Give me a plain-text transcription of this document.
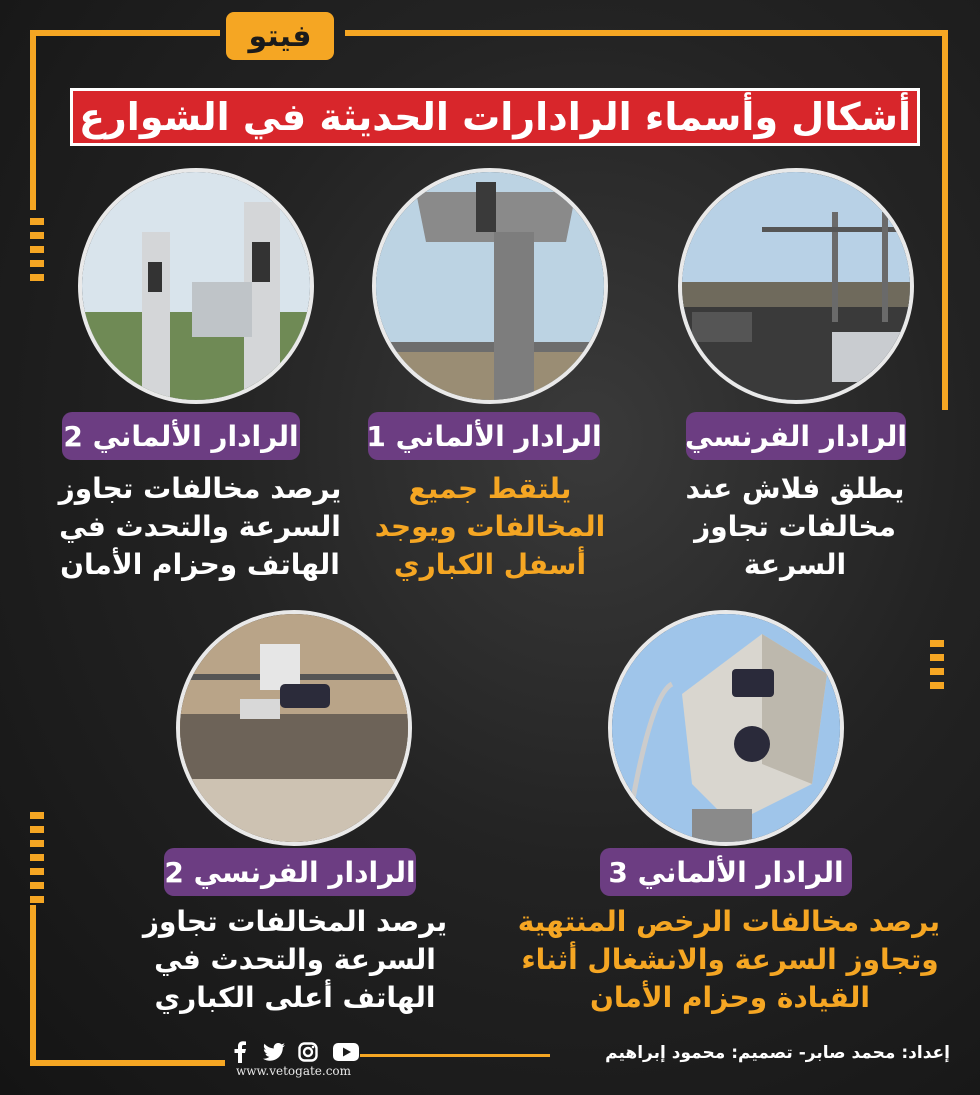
فيتو
أشكال وأسماء الرادارات الحديثة في الشوارع
الرادار الفرنسي
يطلق فلاش عند
مخالفات تجاوز
السرعة
الرادار الألماني 1
يلتقط جميع
المخالفات ويوجد
أسفل الكباري
الرادار الألماني 2
يرصد مخالفات تجاوز
السرعة والتحدث في
الهاتف وحزام الأمان
الرادار الألماني 3
يرصد مخالفات الرخص المنتهية
وتجاوز السرعة والانشغال أثناء
القيادة وحزام الأمان
الرادار الفرنسي 2
يرصد المخالفات تجاوز
السرعة والتحدث في
الهاتف أعلى الكباري
إعداد: محمد صابر- تصميم: محمود إبراهيم
www.vetogate.com
